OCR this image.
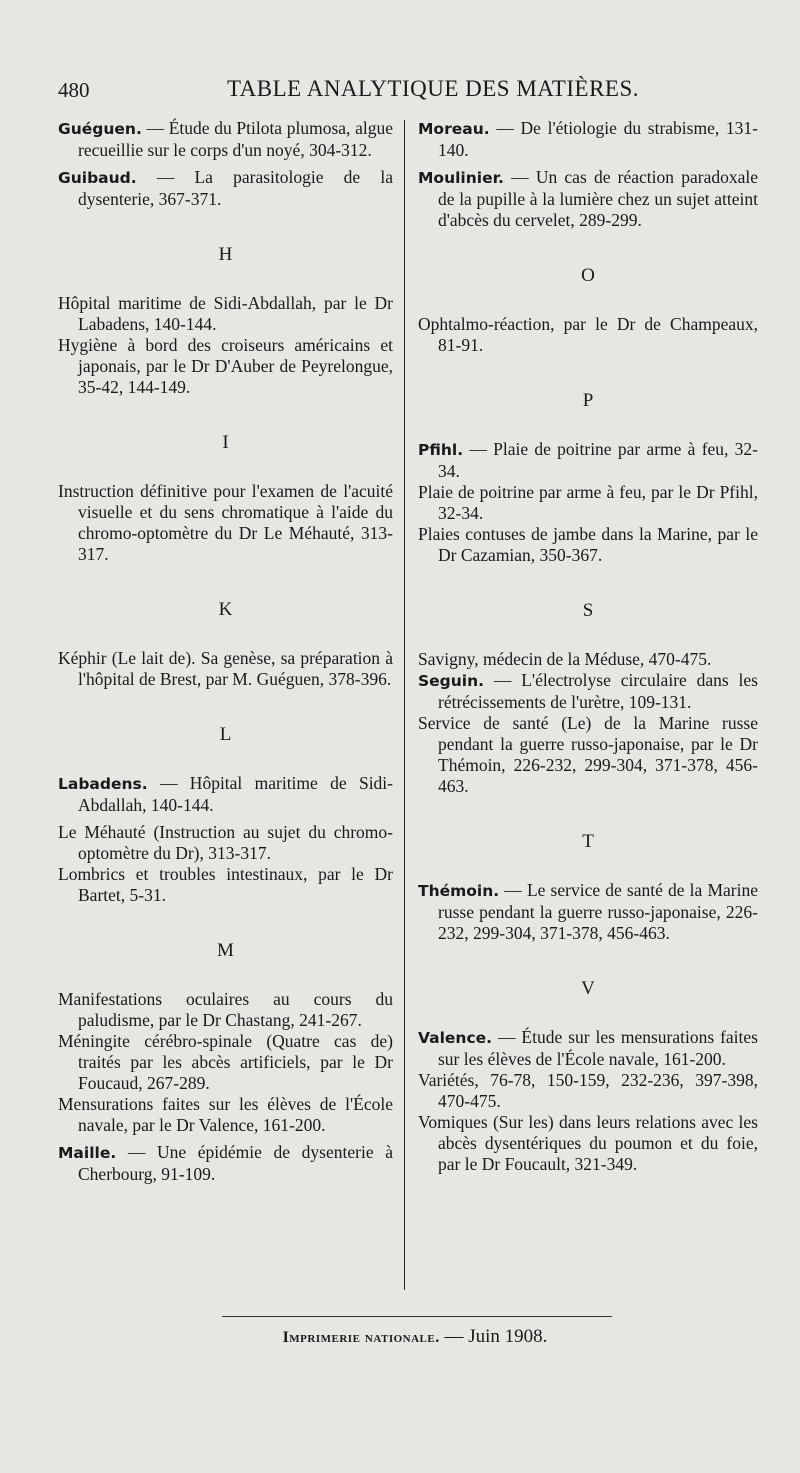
480	TABLE ANALYTIQUE DES MATIÈRES.

Guéguen. — Étude du Ptilota plumosa, algue recueillie sur le corps d'un noyé, 304-312.

Guibaud. — La parasitologie de la dysenterie, 367-371.

H

Hôpital maritime de Sidi-Abdallah, par le Dr Labadens, 140-144.

Hygiène à bord des croiseurs américains et japonais, par le Dr D'Auber de Peyrelongue, 35-42, 144-149.

I

Instruction définitive pour l'examen de l'acuité visuelle et du sens chromatique à l'aide du chromo-optomètre du Dr Le Méhauté, 313-317.

K

Képhir (Le lait de). Sa genèse, sa préparation à l'hôpital de Brest, par M. Guéguen, 378-396.

L

Labadens. — Hôpital maritime de Sidi-Abdallah, 140-144.

Le Méhauté (Instruction au sujet du chromo-optomètre du Dr), 313-317.

Lombrics et troubles intestinaux, par le Dr Bartet, 5-31.

M

Manifestations oculaires au cours du paludisme, par le Dr Chastang, 241-267.

Méningite cérébro-spinale (Quatre cas de) traités par les abcès artificiels, par le Dr Foucaud, 267-289.

Mensurations faites sur les élèves de l'École navale, par le Dr Valence, 161-200.

Maille. — Une épidémie de dysenterie à Cherbourg, 91-109.

Moreau. — De l'étiologie du strabisme, 131-140.

Moulinier. — Un cas de réaction paradoxale de la pupille à la lumière chez un sujet atteint d'abcès du cervelet, 289-299.

O

Ophtalmo-réaction, par le Dr de Champeaux, 81-91.

P

Pfihl. — Plaie de poitrine par arme à feu, 32-34.

Plaie de poitrine par arme à feu, par le Dr Pfihl, 32-34.

Plaies contuses de jambe dans la Marine, par le Dr Cazamian, 350-367.

S

Savigny, médecin de la Méduse, 470-475.

Seguin. — L'électrolyse circulaire dans les rétrécissements de l'urètre, 109-131.

Service de santé (Le) de la Marine russe pendant la guerre russo-japonaise, par le Dr Thémoin, 226-232, 299-304, 371-378, 456-463.

T

Thémoin. — Le service de santé de la Marine russe pendant la guerre russo-japonaise, 226-232, 299-304, 371-378, 456-463.

V

Valence. — Étude sur les mensurations faites sur les élèves de l'École navale, 161-200.

Variétés, 76-78, 150-159, 232-236, 397-398, 470-475.

Vomiques (Sur les) dans leurs relations avec les abcès dysentériques du poumon et du foie, par le Dr Foucault, 321-349.

Imprimerie nationale. — Juin 1908.
